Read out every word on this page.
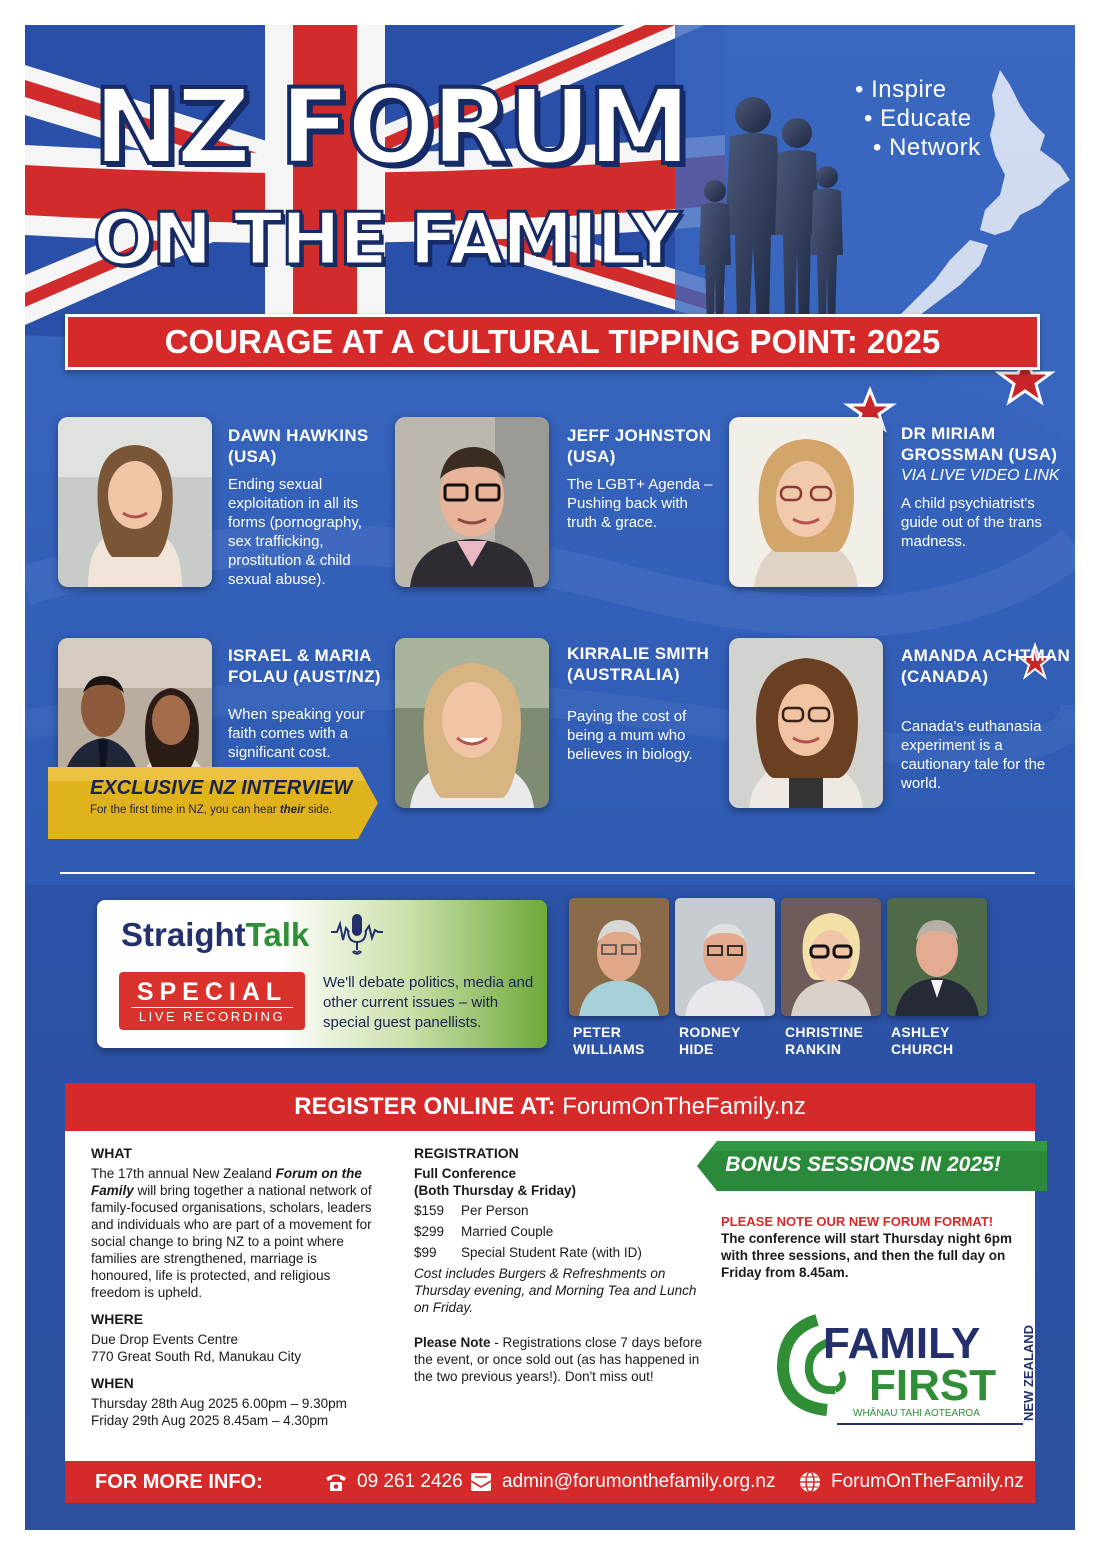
• Inspire
• Educate
• Network
NZ FORUM
ON THE FAMILY
COURAGE AT A CULTURAL TIPPING POINT: 2025
DAWN HAWKINS (USA)
Ending sexual exploitation in all its forms (pornography, sex trafficking, prostitution & child sexual abuse).
JEFF JOHNSTON (USA)
The LGBT+ Agenda – Pushing back with truth & grace.
DR MIRIAM GROSSMAN (USA)
VIA LIVE VIDEO LINK
A child psychiatrist's guide out of the trans madness.
ISRAEL & MARIA FOLAU (AUST/NZ)
When speaking your faith comes with a significant cost.
KIRRALIE SMITH (AUSTRALIA)
Paying the cost of being a mum who believes in biology.
AMANDA ACHTMAN (CANADA)
Canada's euthanasia experiment is a cautionary tale for the world.
EXCLUSIVE NZ INTERVIEW
For the first time in NZ, you can hear their side.
StraightTalk
SPECIAL
LIVE RECORDING
We'll debate politics, media and other current issues – with special guest panellists.
PETER
WILLIAMS
RODNEY
HIDE
CHRISTINE
RANKIN
ASHLEY
CHURCH
REGISTER ONLINE AT: ForumOnTheFamily.nz
WHAT

The 17th annual New Zealand Forum on the Family will bring together a national network of family-focused organisations, scholars, leaders and individuals who are part of a movement for social change to bring NZ to a point where families are strengthened, marriage is honoured, life is protected, and religious freedom is upheld.

WHERE

Due Drop Events Centre
770 Great South Rd, Manukau City

WHEN

Thursday 28th Aug 2025 6.00pm – 9.30pm
Friday 29th Aug 2025 8.45am – 4.30pm

REGISTRATION
Full Conference
(Both Thursday & Friday)
$159	Per Person
$299	Married Couple
$99	Special Student Rate (with ID)

Cost includes Burgers & Refreshments on Thursday evening, and Morning Tea and Lunch on Friday.

Please Note - Registrations close 7 days before the event, or once sold out (as has happened in the two previous years!). Don't miss out!

BONUS SESSIONS IN 2025!
PLEASE NOTE OUR NEW FORUM FORMAT!
The conference will start Thursday night 6pm with three sessions, and then the full day on Friday from 8.45am.
FAMILY
FIRST
WHĀNAU TAHI AOTEAROA	NEW ZEALAND
FOR MORE INFO:	09 261 2426 admin@forumonthefamily.org.nz	ForumOnTheFamily.nz
